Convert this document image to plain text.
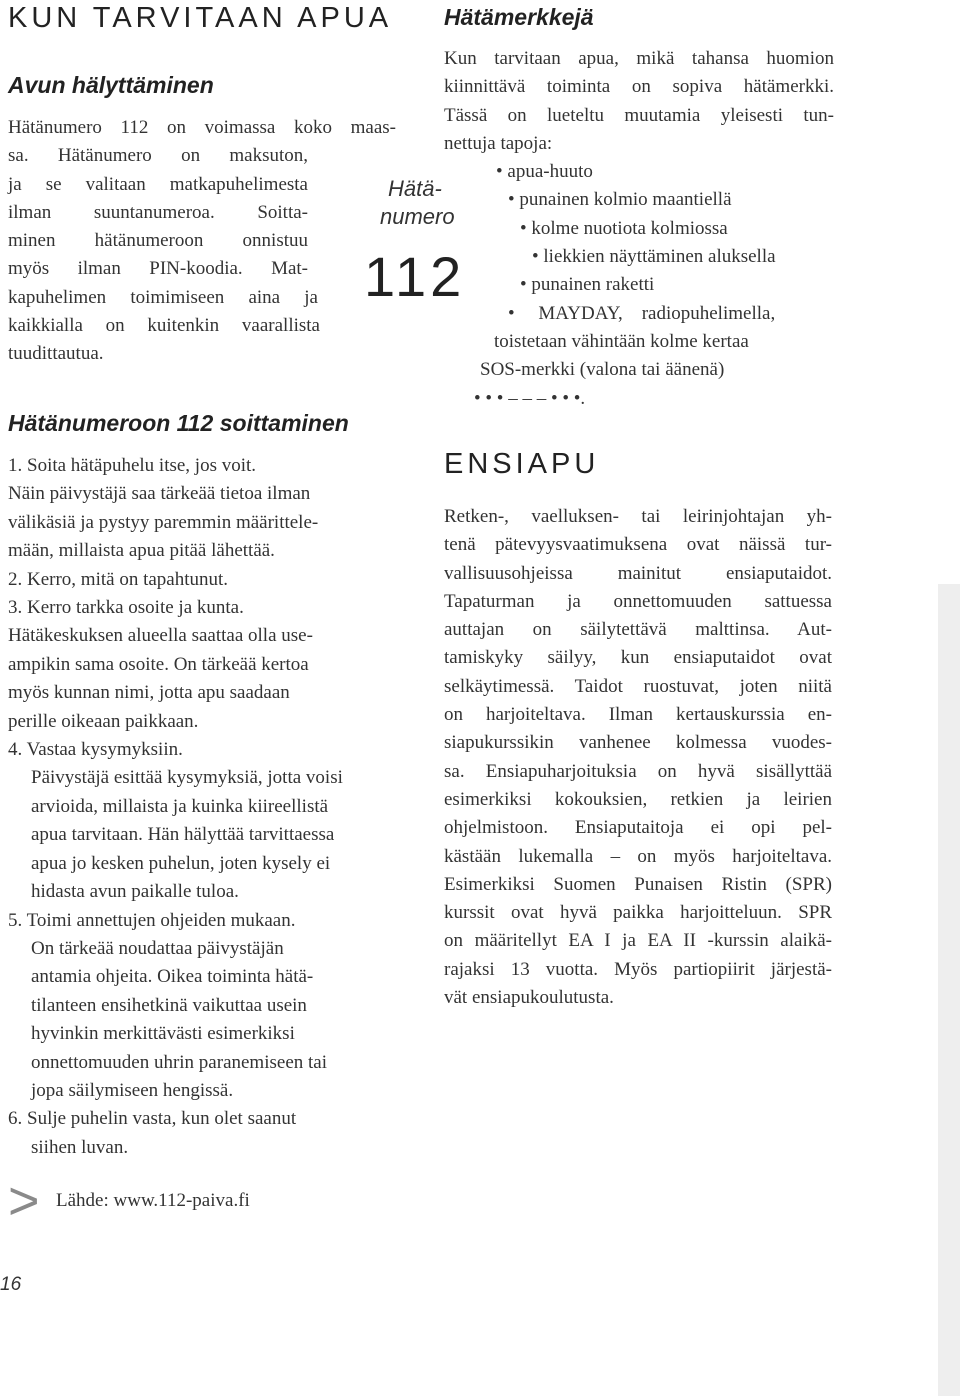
KUN TARVITAAN APUA
Avun hälyttäminen
Hätänumero 112 on voimassa koko maas-
sa. Hätänumero on maksuton,
ja se valitaan matkapuhelimesta
ilman suuntanumeroa. Soitta-
minen hätänumeroon onnistuu
myös ilman PIN-koodia. Mat-
kapuhelimen toimimiseen aina ja
kaikkialla on kuitenkin vaarallista
tuudittautua.
Hätänumeroon 112 soittaminen
1. Soita hätäpuhelu itse, jos voit.
Näin päivystäjä saa tärkeää tietoa ilman
välikäsiä ja pystyy paremmin määrittele-
mään, millaista apua pitää lähettää.
2. Kerro, mitä on tapahtunut.
3. Kerro tarkka osoite ja kunta.
Hätäkeskuksen alueella saattaa olla use-
ampikin sama osoite. On tärkeää kertoa
myös kunnan nimi, jotta apu saadaan
perille oikeaan paikkaan.
4. Vastaa kysymyksiin.
Päivystäjä esittää kysymyksiä, jotta voisi
arvioida, millaista ja kuinka kiireellistä
apua tarvitaan. Hän hälyttää tarvittaessa
apua jo kesken puhelun, joten kysely ei
hidasta avun paikalle tuloa.
5. Toimi annettujen ohjeiden mukaan.
On tärkeää noudattaa päivystäjän
antamia ohjeita. Oikea toiminta hätä-
tilanteen ensihetkinä vaikuttaa usein
hyvinkin merkittävästi esimerkiksi
onnettomuuden uhrin paranemiseen tai
jopa säilymiseen hengissä.
6. Sulje puhelin vasta, kun olet saanut
siihen luvan.
> Lähde: www.112-paiva.fi
16
Hätä-
numero
112
Hätämerkkejä
Kun tarvitaan apua, mikä tahansa huomion
kiinnittävä toiminta on sopiva hätämerkki.
Tässä on lueteltu muutamia yleisesti tun-
nettuja tapoja:
• apua-huuto
• punainen kolmio maantiellä
• kolme nuotiota kolmiossa
• liekkien näyttäminen aluksella
• punainen raketti
•     MAYDAY,    radiopuhelimella,
toistetaan vähintään kolme kertaa
SOS-merkki (valona tai äänenä)
• • • – – – • • •.
ENSIAPU
Retken-, vaelluksen- tai leirinjohtajan yh-
tenä pätevyysvaatimuksena ovat näissä tur-
vallisuusohjeissa mainitut ensiaputaidot.
Tapaturman ja onnettomuuden sattuessa
auttajan on säilytettävä malttinsa. Aut-
tamiskyky säilyy, kun ensiaputaidot ovat
selkäytimessä. Taidot ruostuvat, joten niitä
on harjoiteltava. Ilman kertauskurssia en-
siapukurssikin vanhenee kolmessa vuodes-
sa. Ensiapuharjoituksia on hyvä sisällyttää
esimerkiksi kokouksien, retkien ja leirien
ohjelmistoon. Ensiaputaitoja ei opi pel-
kästään lukemalla – on myös harjoiteltava.
Esimerkiksi Suomen Punaisen Ristin (SPR)
kurssit ovat hyvä paikka harjoitteluun. SPR
on määritellyt EA I ja EA II -kurssin alaikä-
rajaksi 13 vuotta. Myös partiopiirit järjestä-
vät ensiapukoulutusta.
